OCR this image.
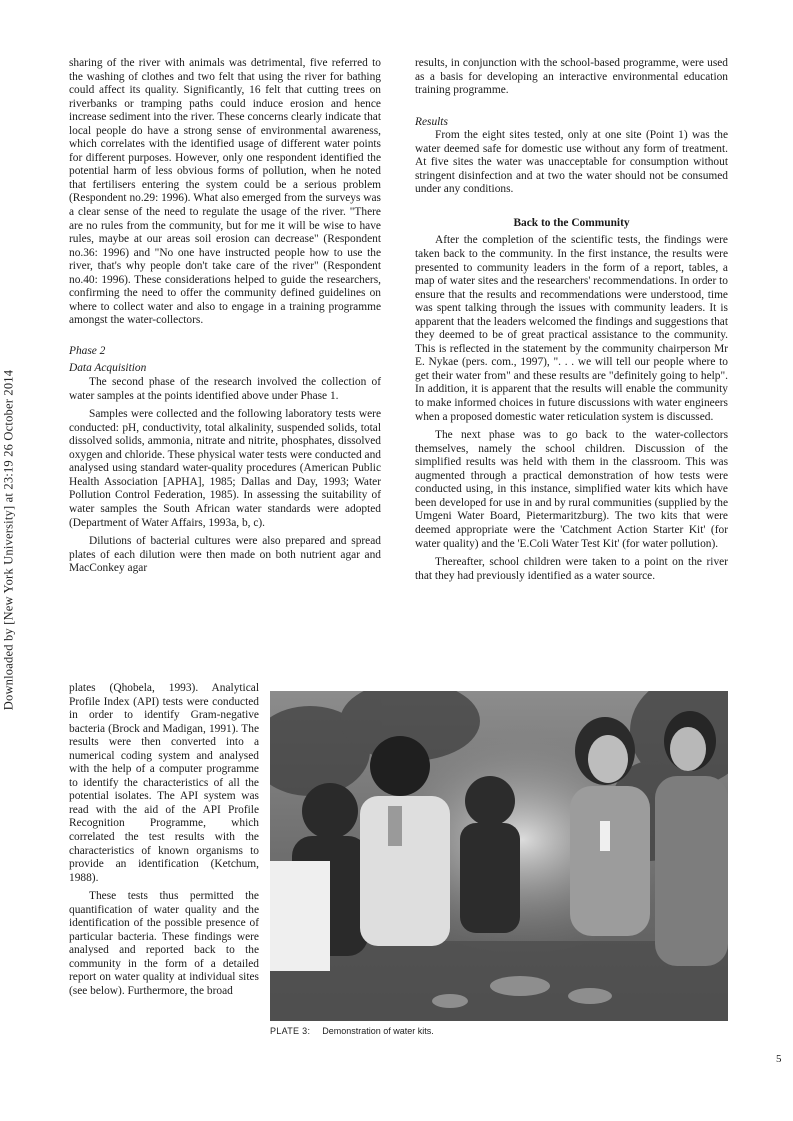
Downloaded by [New York University] at 23:19 26 October 2014

sharing of the river with animals was detrimental, five referred to the washing of clothes and two felt that using the river for bathing could affect its quality. Significantly, 16 felt that cutting trees on riverbanks or tramping paths could induce erosion and hence increase sediment into the river. These concerns clearly indicate that local people do have a strong sense of environmental awareness, which correlates with the identified usage of different water points for different purposes. However, only one respondent identified the potential harm of less obvious forms of pollution, when he noted that fertilisers entering the system could be a serious problem (Respondent no.29: 1996). What also emerged from the surveys was a clear sense of the need to regulate the usage of the river. "There are no rules from the community, but for me it will be wise to have rules, maybe at our areas soil erosion can decrease" (Respondent no.36: 1996) and "No one have instructed people how to use the river, that's why people don't take care of the river" (Respondent no.40: 1996). These considerations helped to guide the researchers, confirming the need to offer the community defined guidelines on where to collect water and also to engage in a training programme amongst the water-collectors.

Phase 2

Data Acquisition

The second phase of the research involved the collection of water samples at the points identified above under Phase 1.

Samples were collected and the following laboratory tests were conducted: pH, conductivity, total alkalinity, suspended solids, total dissolved solids, ammonia, nitrate and nitrite, phosphates, dissolved oxygen and chloride. These physical water tests were conducted and analysed using standard water-quality procedures (American Public Health Association [APHA], 1985; Dallas and Day, 1993; Water Pollution Control Federation, 1985). In assessing the suitability of water samples the South African water standards were adopted (Department of Water Affairs, 1993a, b, c).

Dilutions of bacterial cultures were also prepared and spread plates of each dilution were then made on both nutrient agar and MacConkey agar

plates (Qhobela, 1993). Analytical Profile Index (API) tests were conducted in order to identify Gram-negative bacteria (Brock and Madigan, 1991). The results were then converted into a numerical coding system and analysed with the help of a computer programme to identify the characteristics of all the potential isolates. The API system was read with the aid of the API Profile Recognition Programme, which correlated the test results with the characteristics of known organisms to provide an identification (Ketchum, 1988).

These tests thus permitted the quantification of water quality and the identification of the possible presence of particular bacteria. These findings were analysed and reported back to the community in the form of a detailed report on water quality at individual sites (see below). Furthermore, the broad

results, in conjunction with the school-based programme, were used as a basis for developing an interactive environmental education training programme.

Results

From the eight sites tested, only at one site (Point 1) was the water deemed safe for domestic use without any form of treatment. At five sites the water was unacceptable for consumption without stringent disinfection and at two the water should not be consumed under any conditions.

Back to the Community

After the completion of the scientific tests, the findings were taken back to the community. In the first instance, the results were presented to community leaders in the form of a report, tables, a map of water sites and the researchers' recommendations. In order to ensure that the results and recommendations were understood, time was spent talking through the issues with community leaders. It is apparent that the leaders welcomed the findings and suggestions that they deemed to be of great practical assistance to the community. This is reflected in the statement by the community chairperson Mr E. Nykae (pers. com., 1997), ". . . we will tell our people where to get their water from" and these results are "definitely going to help". In addition, it is apparent that the results will enable the community to make informed choices in future discussions with water engineers when a proposed domestic water reticulation system is discussed.

The next phase was to go back to the water-collectors themselves, namely the school children. Discussion of the simplified results was held with them in the classroom. This was augmented through a practical demonstration of how tests were conducted using, in this instance, simplified water kits which have been developed for use in and by rural communities (supplied by the Umgeni Water Board, Pietermaritzburg). The two kits that were deemed appropriate were the 'Catchment Action Starter Kit' (for water quality) and the 'E.Coli Water Test Kit' (for water pollution).

Thereafter, school children were taken to a point on the river that they had previously identified as a water source.

PLATE 3: Demonstration of water kits.
5
